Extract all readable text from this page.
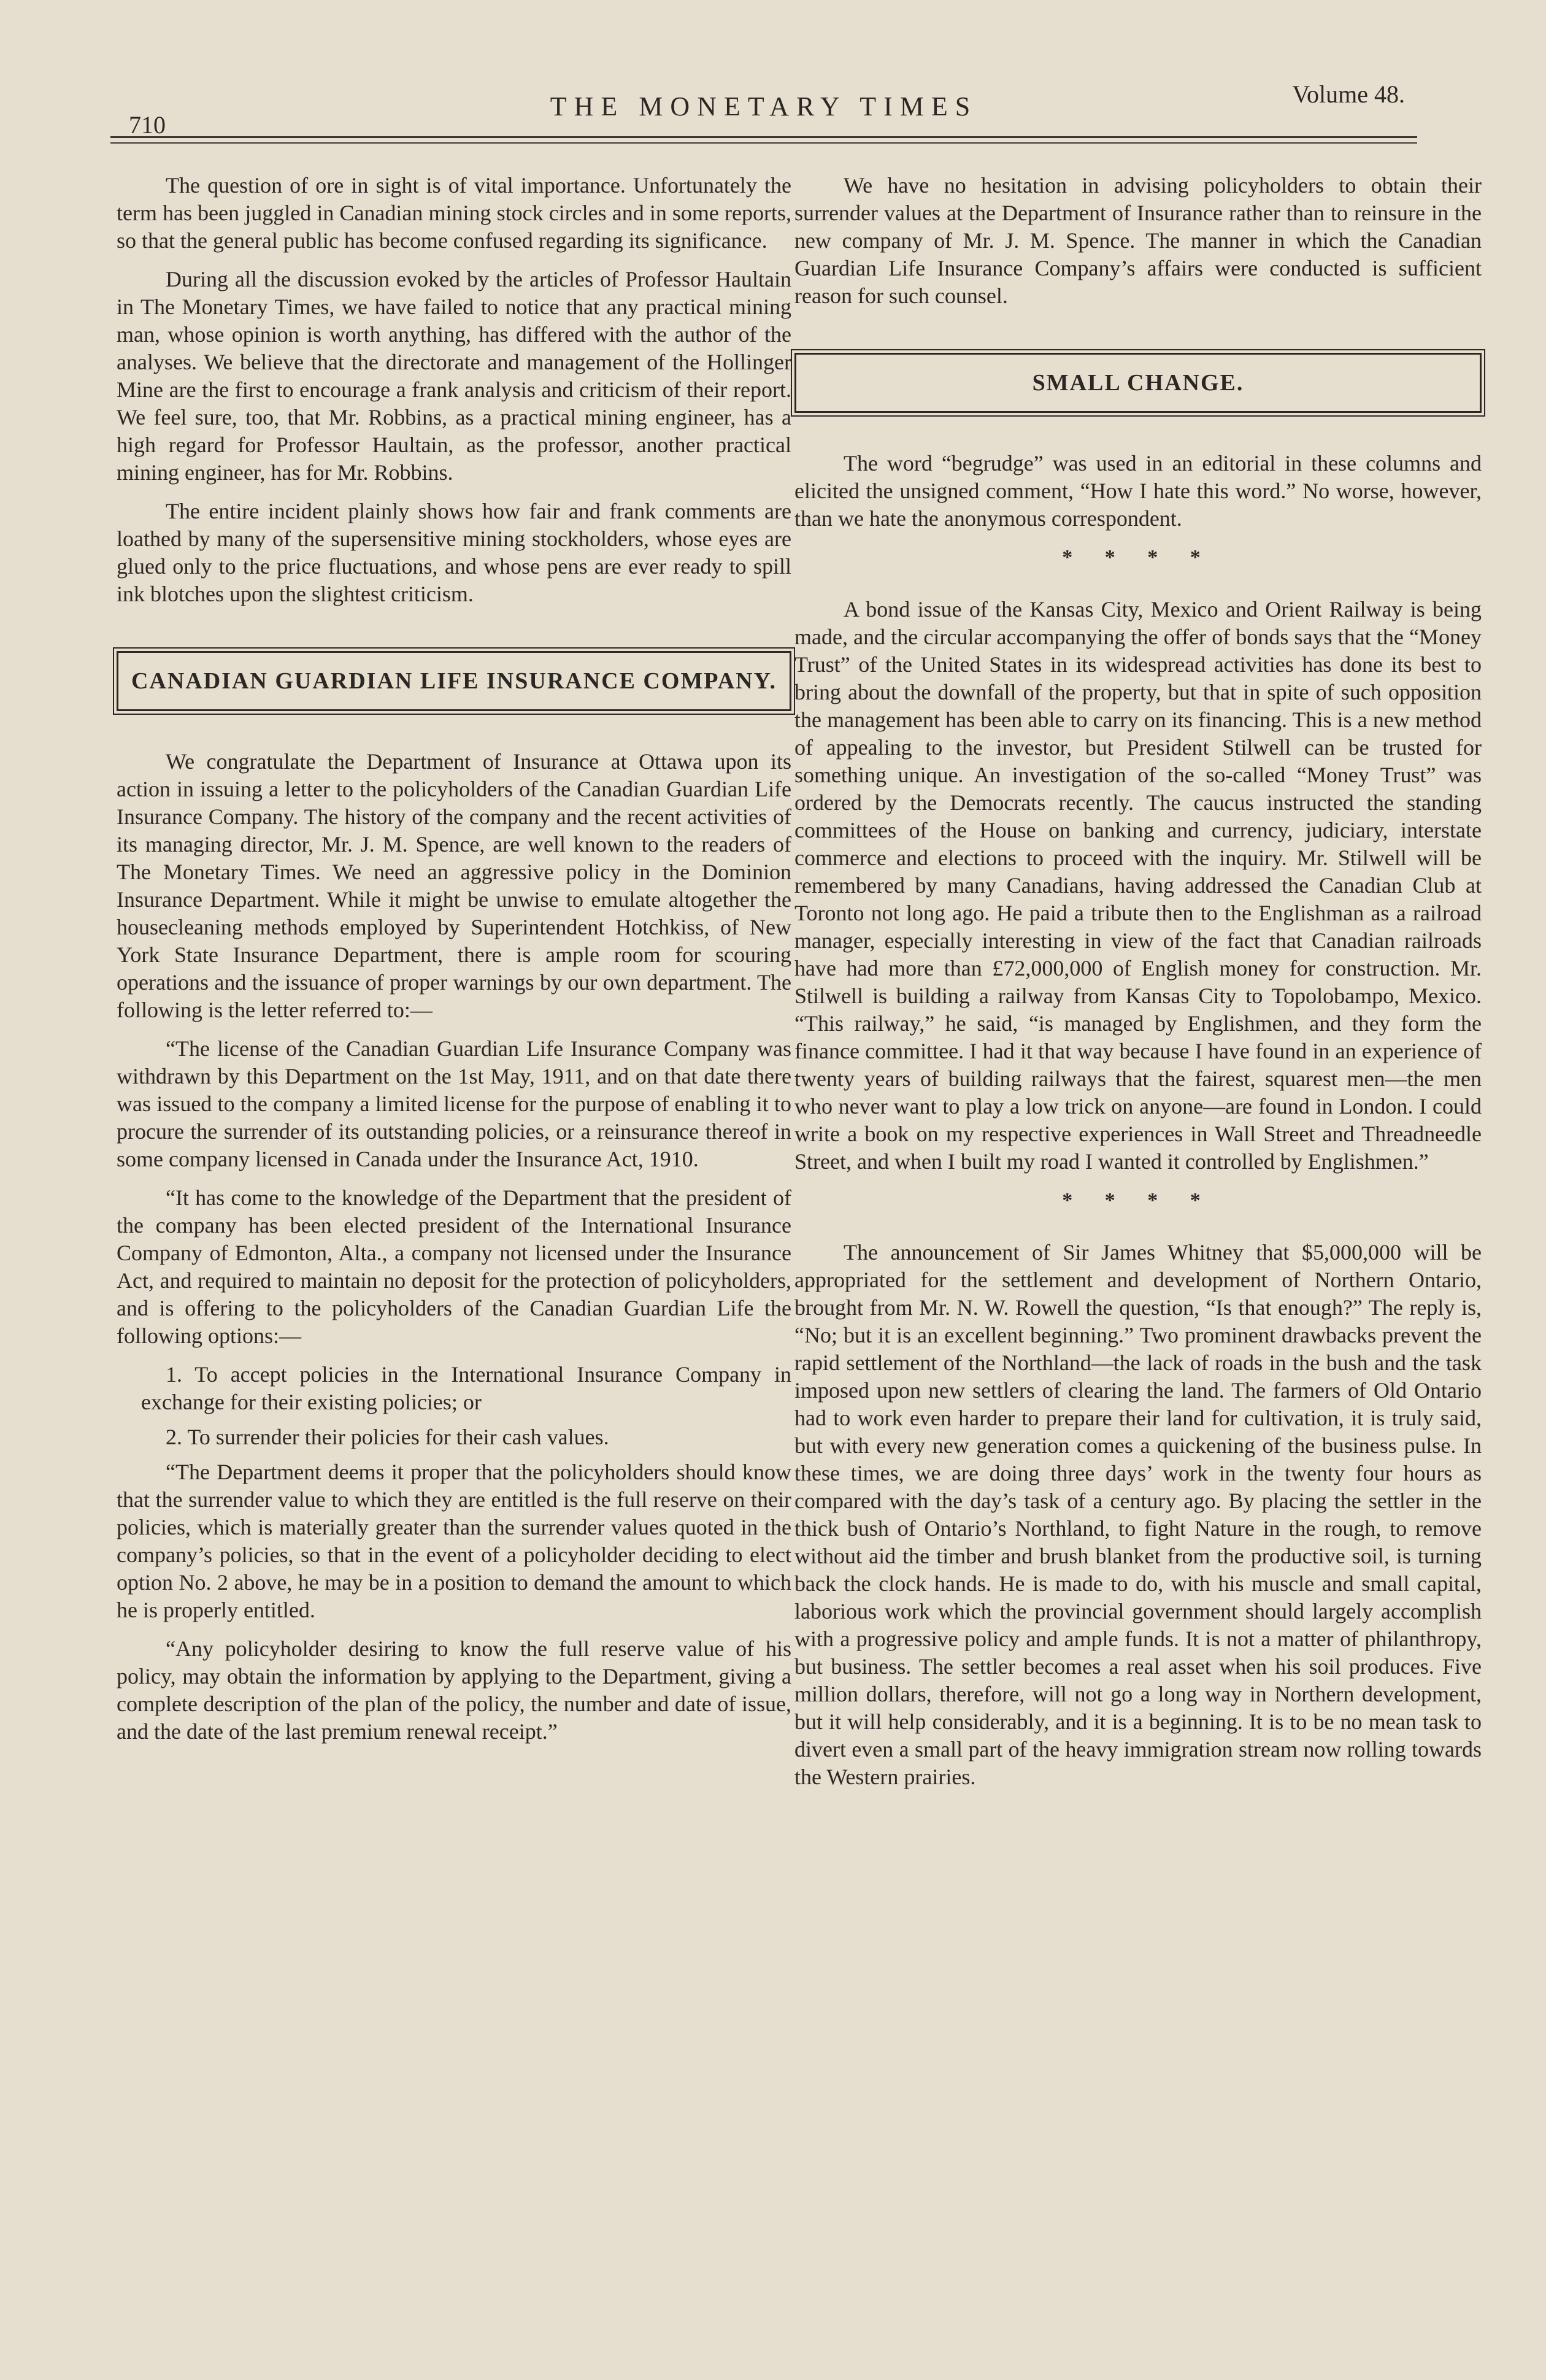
710
THE MONETARY TIMES	Volume 48.

The question of ore in sight is of vital importance. Unfortunately the term has been juggled in Canadian mining stock circles and in some reports, so that the general public has become confused regarding its significance.

During all the discussion evoked by the articles of Professor Haultain in The Monetary Times, we have failed to notice that any practical mining man, whose opinion is worth anything, has differed with the author of the analyses. We believe that the directorate and management of the Hollinger Mine are the first to encourage a frank analysis and criticism of their report. We feel sure, too, that Mr. Robbins, as a practical mining engineer, has a high regard for Professor Haultain, as the professor, another practical mining engineer, has for Mr. Robbins.

The entire incident plainly shows how fair and frank comments are loathed by many of the supersensitive mining stockholders, whose eyes are glued only to the price fluctuations, and whose pens are ever ready to spill ink blotches upon the slightest criticism.

CANADIAN GUARDIAN LIFE INSURANCE COMPANY.

We congratulate the Department of Insurance at Ottawa upon its action in issuing a letter to the policyholders of the Canadian Guardian Life Insurance Company. The history of the company and the recent activities of its managing director, Mr. J. M. Spence, are well known to the readers of The Monetary Times. We need an aggressive policy in the Dominion Insurance Department. While it might be unwise to emulate altogether the housecleaning methods employed by Superintendent Hotchkiss, of New York State Insurance Department, there is ample room for scouring operations and the issuance of proper warnings by our own department. The following is the letter referred to:—

“The license of the Canadian Guardian Life Insurance Company was withdrawn by this Department on the 1st May, 1911, and on that date there was issued to the company a limited license for the purpose of enabling it to procure the surrender of its outstanding policies, or a reinsurance thereof in some company licensed in Canada under the Insurance Act, 1910.

“It has come to the knowledge of the Department that the president of the company has been elected president of the International Insurance Company of Edmonton, Alta., a company not licensed under the Insurance Act, and required to maintain no deposit for the protection of policyholders, and is offering to the policyholders of the Canadian Guardian Life the following options:—

1. To accept policies in the International Insurance Company in exchange for their existing policies; or

2. To surrender their policies for their cash values.

“The Department deems it proper that the policyholders should know that the surrender value to which they are entitled is the full reserve on their policies, which is materially greater than the surrender values quoted in the company’s policies, so that in the event of a policyholder deciding to elect option No. 2 above, he may be in a position to demand the amount to which he is properly entitled.

“Any policyholder desiring to know the full reserve value of his policy, may obtain the information by applying to the Department, giving a complete description of the plan of the policy, the number and date of issue, and the date of the last premium renewal receipt.”

We have no hesitation in advising policyholders to obtain their surrender values at the Department of Insurance rather than to reinsure in the new company of Mr. J. M. Spence. The manner in which the Canadian Guardian Life Insurance Company’s affairs were conducted is sufficient reason for such counsel.

SMALL CHANGE.

The word “begrudge” was used in an editorial in these columns and elicited the unsigned comment, “How I hate this word.” No worse, however, than we hate the anonymous correspondent.

* * * *

A bond issue of the Kansas City, Mexico and Orient Railway is being made, and the circular accompanying the offer of bonds says that the “Money Trust” of the United States in its widespread activities has done its best to bring about the downfall of the property, but that in spite of such opposition the management has been able to carry on its financing. This is a new method of appealing to the investor, but President Stilwell can be trusted for something unique. An investigation of the so-called “Money Trust” was ordered by the Democrats recently. The caucus instructed the standing committees of the House on banking and currency, judiciary, interstate commerce and elections to proceed with the inquiry. Mr. Stilwell will be remembered by many Canadians, having addressed the Canadian Club at Toronto not long ago. He paid a tribute then to the Englishman as a railroad manager, especially interesting in view of the fact that Canadian railroads have had more than £72,000,000 of English money for construction. Mr. Stilwell is building a railway from Kansas City to Topolobampo, Mexico. “This railway,” he said, “is managed by Englishmen, and they form the finance committee. I had it that way because I have found in an experience of twenty years of building railways that the fairest, squarest men—the men who never want to play a low trick on anyone—are found in London. I could write a book on my respective experiences in Wall Street and Threadneedle Street, and when I built my road I wanted it controlled by Englishmen.”

* * * *

The announcement of Sir James Whitney that $5,000,000 will be appropriated for the settlement and development of Northern Ontario, brought from Mr. N. W. Rowell the question, “Is that enough?” The reply is, “No; but it is an excellent beginning.” Two prominent drawbacks prevent the rapid settlement of the Northland—the lack of roads in the bush and the task imposed upon new settlers of clearing the land. The farmers of Old Ontario had to work even harder to prepare their land for cultivation, it is truly said, but with every new generation comes a quickening of the business pulse. In these times, we are doing three days’ work in the twenty four hours as compared with the day’s task of a century ago. By placing the settler in the thick bush of Ontario’s Northland, to fight Nature in the rough, to remove without aid the timber and brush blanket from the productive soil, is turning back the clock hands. He is made to do, with his muscle and small capital, laborious work which the provincial government should largely accomplish with a progressive policy and ample funds. It is not a matter of philanthropy, but business. The settler becomes a real asset when his soil produces. Five million dollars, therefore, will not go a long way in Northern development, but it will help considerably, and it is a beginning. It is to be no mean task to divert even a small part of the heavy immigration stream now rolling towards the Western prairies.
